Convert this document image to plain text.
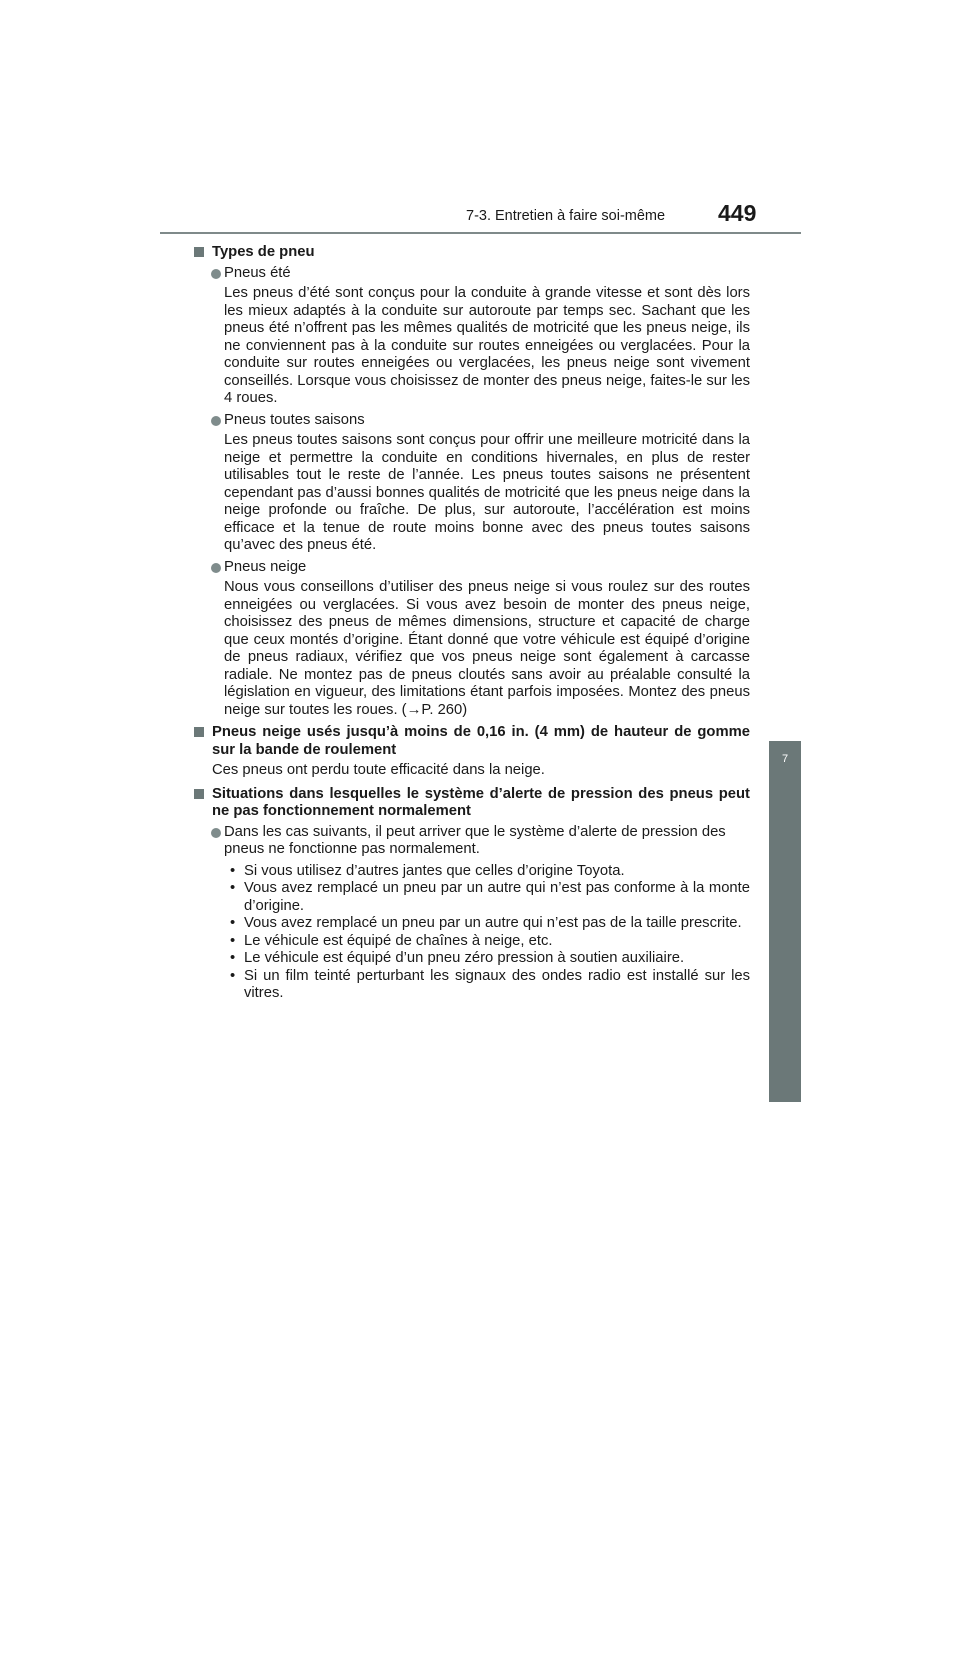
7-3. Entretien à faire soi-même 449
7
Entretien et soin
Types de pneu
Pneus été
Les pneus d’été sont conçus pour la conduite à grande vitesse et sont dès lors les mieux adaptés à la conduite sur autoroute par temps sec. Sachant que les pneus été n’offrent pas les mêmes qualités de motricité que les pneus neige, ils ne conviennent pas à la conduite sur routes enneigées ou verglacées. Pour la conduite sur routes enneigées ou verglacées, les pneus neige sont vivement conseillés. Lorsque vous choisissez de monter des pneus neige, faites-le sur les 4 roues.
Pneus toutes saisons
Les pneus toutes saisons sont conçus pour offrir une meilleure motricité dans la neige et permettre la conduite en conditions hivernales, en plus de rester utilisables tout le reste de l’année. Les pneus toutes saisons ne présentent cependant pas d’aussi bonnes qualités de motricité que les pneus neige dans la neige profonde ou fraîche. De plus, sur autoroute, l’accélération est moins efficace et la tenue de route moins bonne avec des pneus toutes saisons qu’avec des pneus été.
Pneus neige
Nous vous conseillons d’utiliser des pneus neige si vous roulez sur des routes enneigées ou verglacées. Si vous avez besoin de monter des pneus neige, choisissez des pneus de mêmes dimensions, structure et capacité de charge que ceux montés d’origine. Étant donné que votre véhicule est équipé d’origine de pneus radiaux, vérifiez que vos pneus neige sont également à carcasse radiale. Ne montez pas de pneus cloutés sans avoir au préalable consulté la législation en vigueur, des limitations étant parfois imposées. Montez des pneus neige sur toutes les roues. (→P. 260)
Pneus neige usés jusqu’à moins de 0,16 in. (4 mm) de hauteur de gomme sur la bande de roulement
Ces pneus ont perdu toute efficacité dans la neige.
Situations dans lesquelles le système d’alerte de pression des pneus peut ne pas fonctionnement normalement
Dans les cas suivants, il peut arriver que le système d’alerte de pression des pneus ne fonctionne pas normalement.
• Si vous utilisez d’autres jantes que celles d’origine Toyota.
• Vous avez remplacé un pneu par un autre qui n’est pas conforme à la monte d’origine.
• Vous avez remplacé un pneu par un autre qui n’est pas de la taille prescrite.
• Le véhicule est équipé de chaînes à neige, etc.
• Le véhicule est équipé d’un pneu zéro pression à soutien auxiliaire.
• Si un film teinté perturbant les signaux des ondes radio est installé sur les vitres.
